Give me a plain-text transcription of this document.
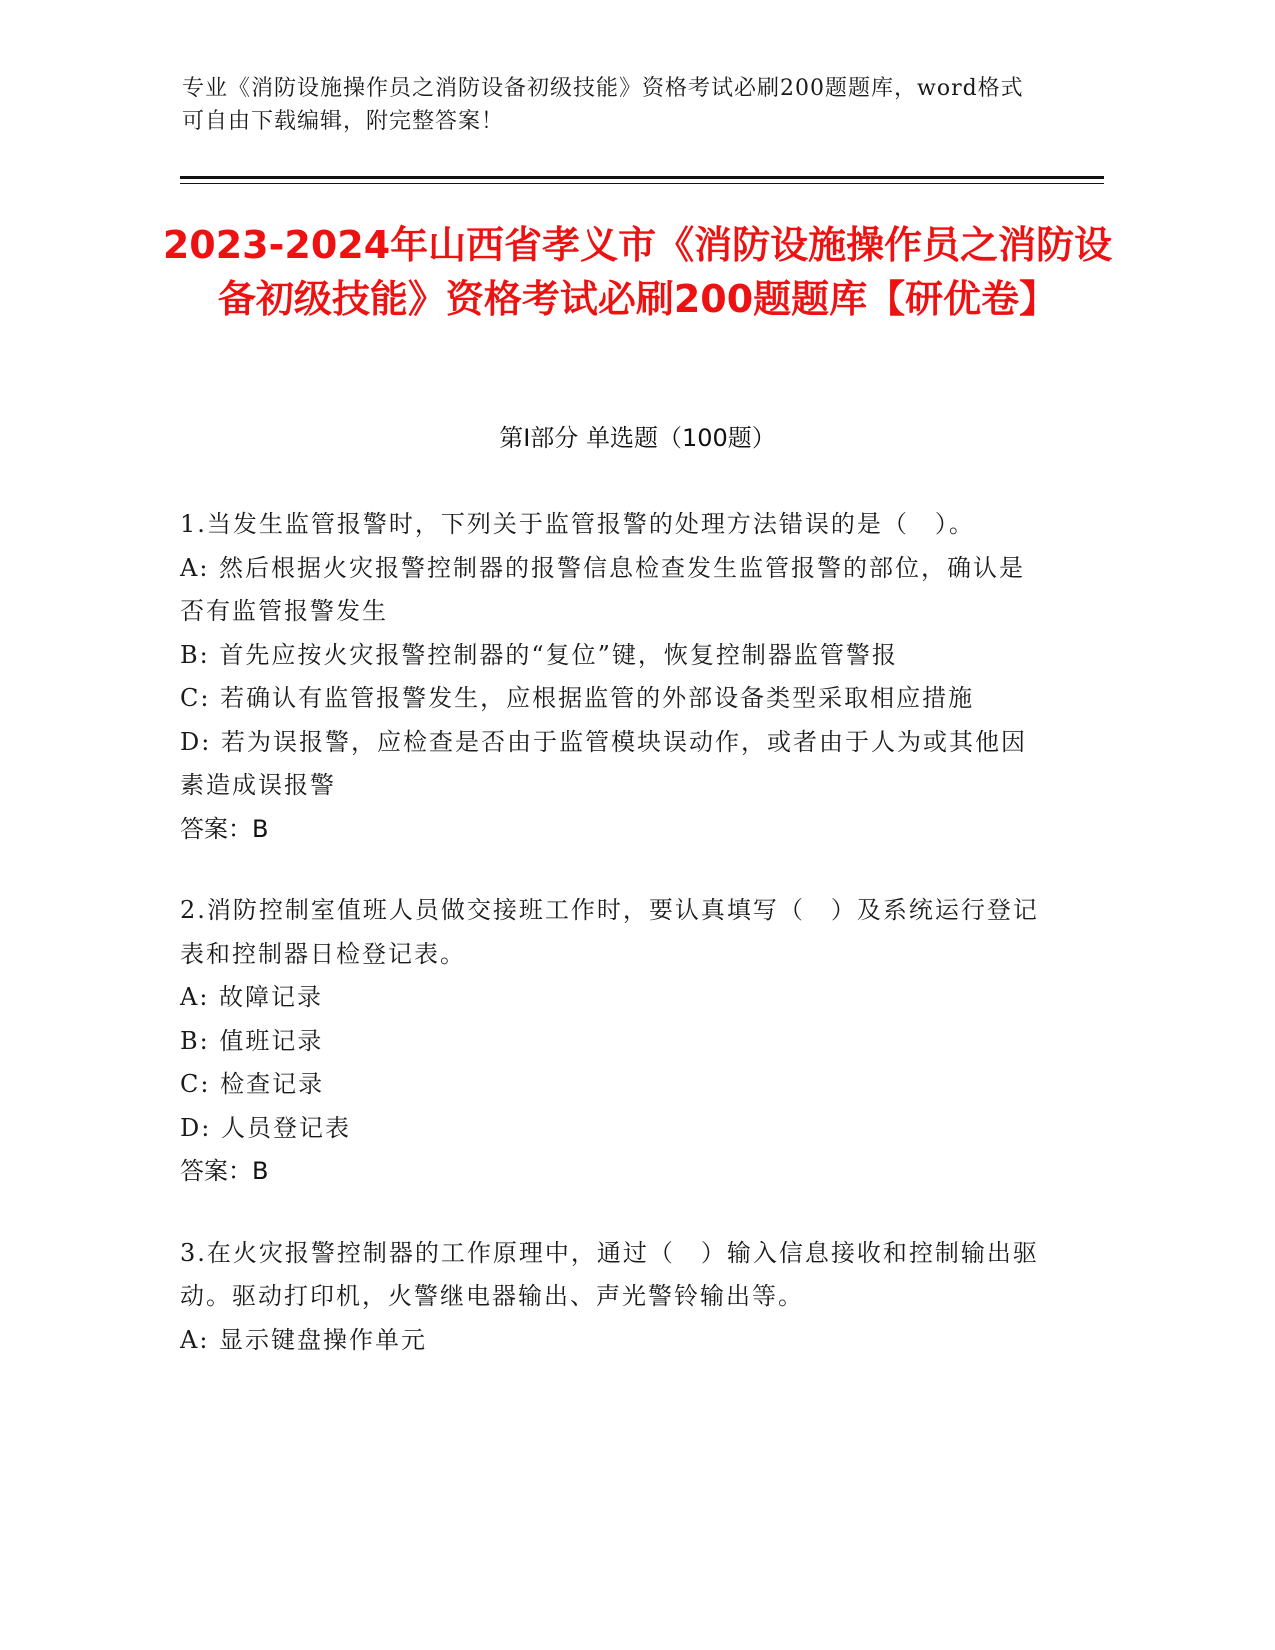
专业《消防设施操作员之消防设备初级技能》资格考试必刷200题题库，word格式可自由下载编辑，附完整答案！
2023-2024年山西省孝义市《消防设施操作员之消防设备初级技能》资格考试必刷200题题库【研优卷】
第Ⅰ部分 单选题（100题）
1.当发生监管报警时，下列关于监管报警的处理方法错误的是（　）。
A: 然后根据火灾报警控制器的报警信息检查发生监管报警的部位，确认是否有监管报警发生
B: 首先应按火灾报警控制器的“复位”键，恢复控制器监管警报
C: 若确认有监管报警发生，应根据监管的外部设备类型采取相应措施
D: 若为误报警，应检查是否由于监管模块误动作，或者由于人为或其他因素造成误报警
答案：B
2.消防控制室值班人员做交接班工作时，要认真填写（　）及系统运行登记表和控制器日检登记表。
A: 故障记录
B: 值班记录
C: 检查记录
D: 人员登记表
答案：B
3.在火灾报警控制器的工作原理中，通过（　）输入信息接收和控制输出驱动。驱动打印机，火警继电器输出、声光警铃输出等。
A: 显示键盘操作单元
